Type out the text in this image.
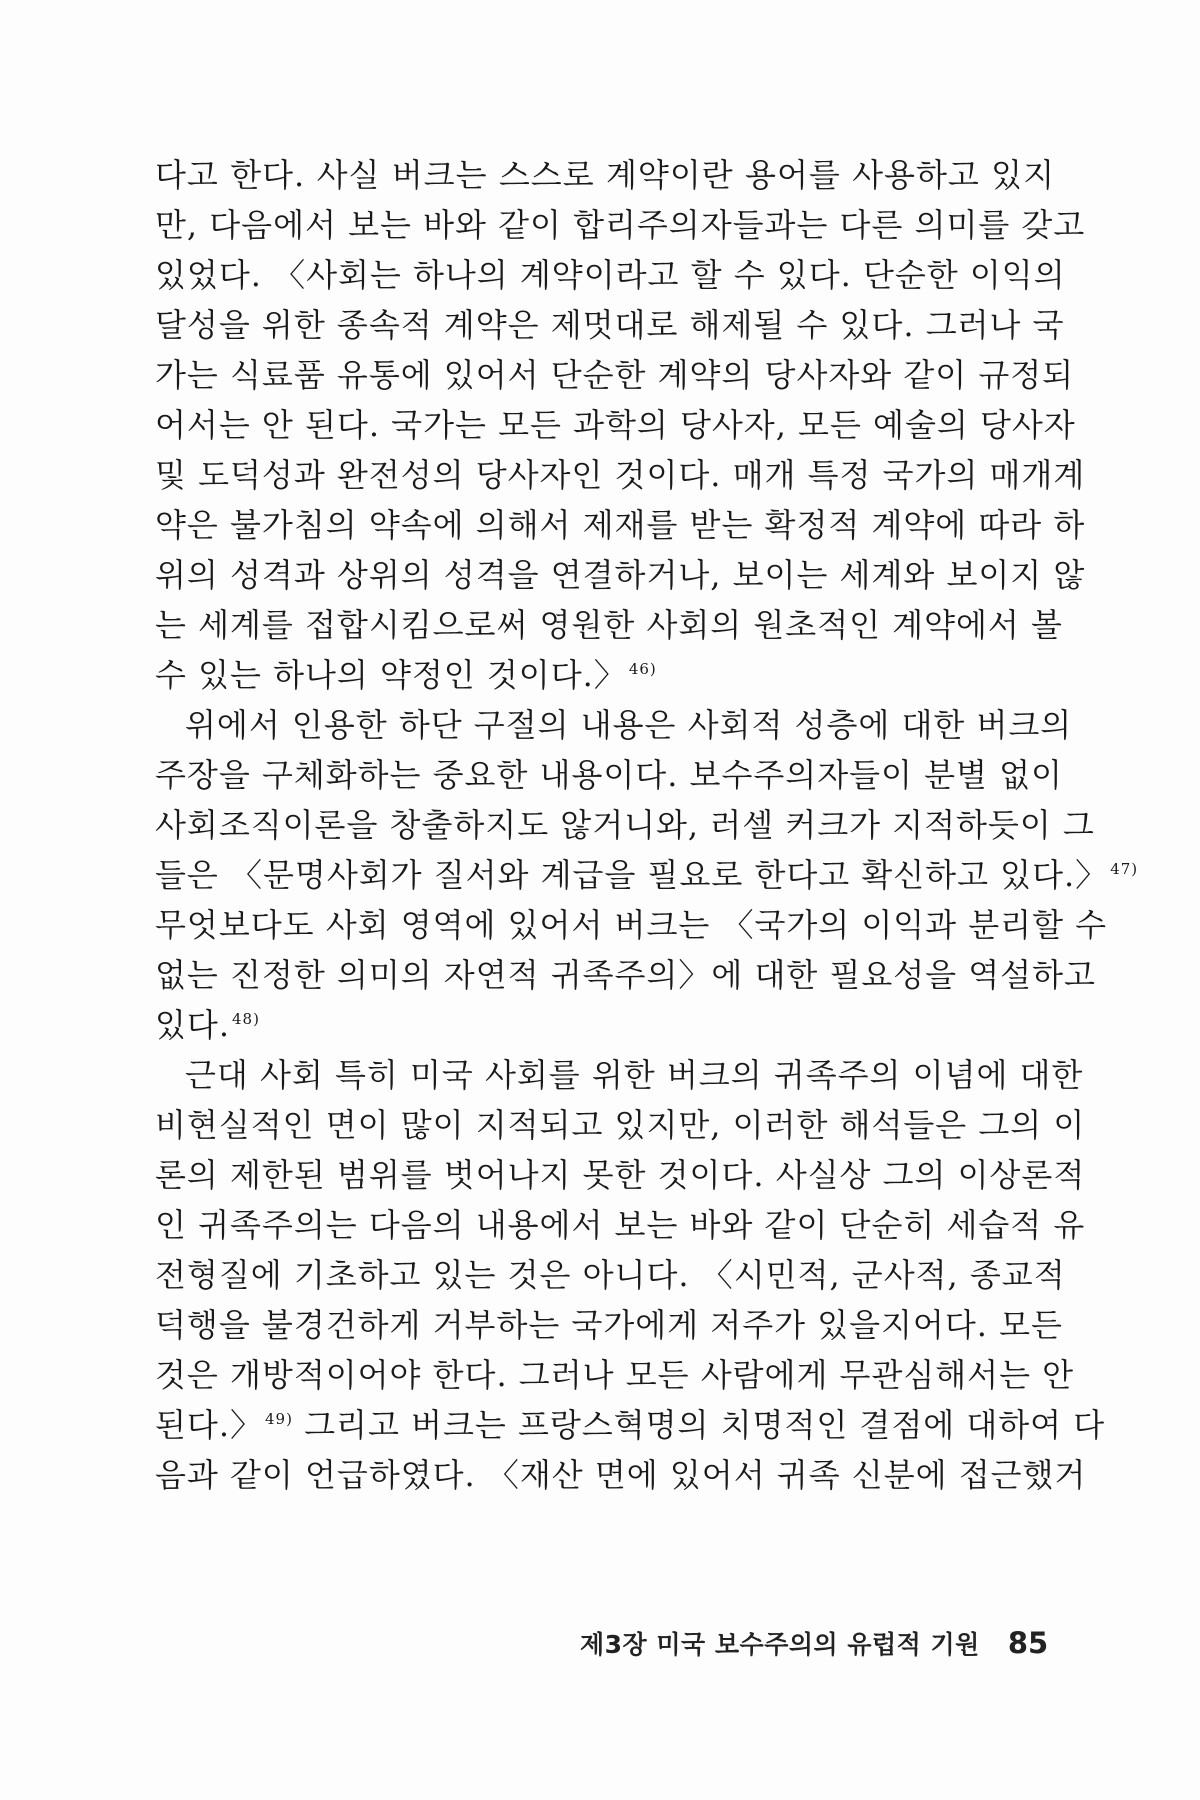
다고 한다. 사실 버크는 스스로 계약이란 용어를 사용하고 있지
만, 다음에서 보는 바와 같이 합리주의자들과는 다른 의미를 갖고
있었다. 〈사회는 하나의 계약이라고 할 수 있다. 단순한 이익의
달성을 위한 종속적 계약은 제멋대로 해제될 수 있다. 그러나 국
가는 식료품 유통에 있어서 단순한 계약의 당사자와 같이 규정되
어서는 안 된다. 국가는 모든 과학의 당사자, 모든 예술의 당사자
및 도덕성과 완전성의 당사자인 것이다. 매개 특정 국가의 매개계
약은 불가침의 약속에 의해서 제재를 받는 확정적 계약에 따라 하
위의 성격과 상위의 성격을 연결하거나, 보이는 세계와 보이지 않
는 세계를 접합시킴으로써 영원한 사회의 원초적인 계약에서 볼
수 있는 하나의 약정인 것이다.〉 $^{46)}$
위에서 인용한 하단 구절의 내용은 사회적 성층에 대한 버크의
주장을 구체화하는 중요한 내용이다. 보수주의자들이 분별 없이
사회조직이론을 창출하지도 않거니와, 러셀 커크가 지적하듯이 그
들은 〈문명사회가 질서와 계급을 필요로 한다고 확신하고 있다.〉 $^{47)}$
무엇보다도 사회 영역에 있어서 버크는 〈국가의 이익과 분리할 수
없는 진정한 의미의 자연적 귀족주의〉에 대한 필요성을 역설하고
있다. $^{48)}$
근대 사회 특히 미국 사회를 위한 버크의 귀족주의 이념에 대한
비현실적인 면이 많이 지적되고 있지만, 이러한 해석들은 그의 이
론의 제한된 범위를 벗어나지 못한 것이다. 사실상 그의 이상론적
인 귀족주의는 다음의 내용에서 보는 바와 같이 단순히 세습적 유
전형질에 기초하고 있는 것은 아니다. 〈시민적, 군사적, 종교적
덕행을 불경건하게 거부하는 국가에게 저주가 있을지어다. 모든
것은 개방적이어야 한다. 그러나 모든 사람에게 무관심해서는 안
된다.〉 $^{49)}$ 그리고 버크는 프랑스혁명의 치명적인 결점에 대하여 다
음과 같이 언급하였다. 〈재산 면에 있어서 귀족 신분에 접근했거
제3장 미국 보수주의의 유럽적 기원 85
